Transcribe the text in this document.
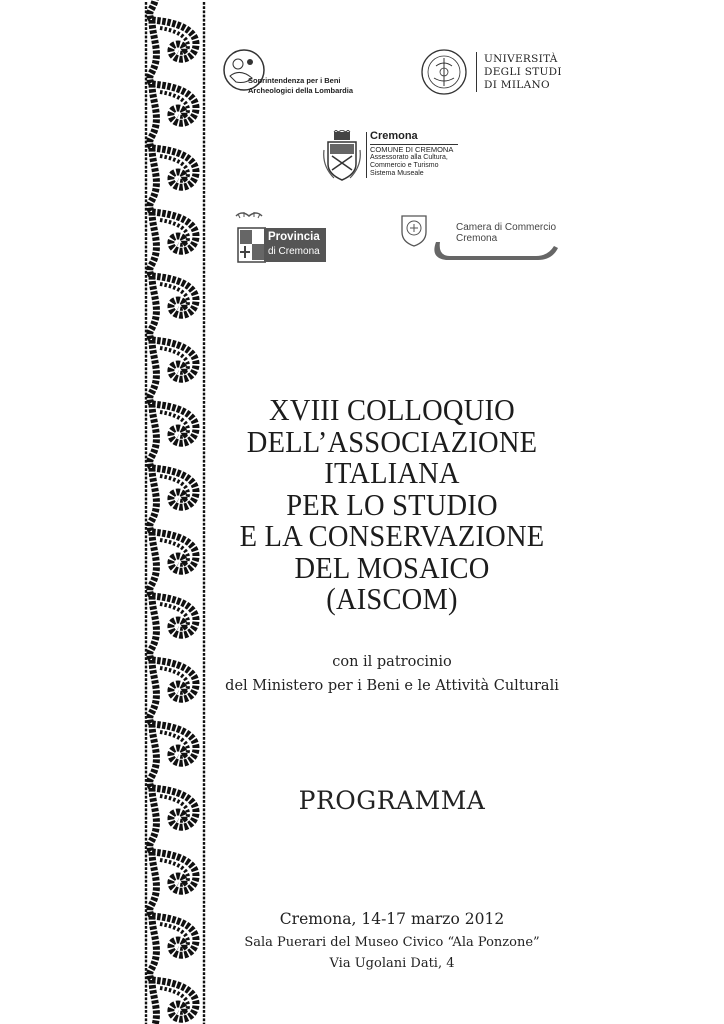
Soprintendenza per i Beni
Archeologici della Lombardia
UNIVERSITÀ
DEGLI STUDI
DI MILANO
Cremona
COMUNE DI CREMONA
Assessorato alla Cultura,
Commercio e Turismo
Sistema Museale
Provincia
di Cremona
Camera di Commercio
Cremona
XVIII COLLOQUIO
DELL’ASSOCIAZIONE
ITALIANA
PER LO STUDIO
E LA CONSERVAZIONE
DEL MOSAICO
(AISCOM)
con il patrocinio
del Ministero per i Beni e le Attività Culturali
PROGRAMMA
Cremona, 14-17 marzo 2012
Sala Puerari del Museo Civico “Ala Ponzone”
Via Ugolani Dati, 4
